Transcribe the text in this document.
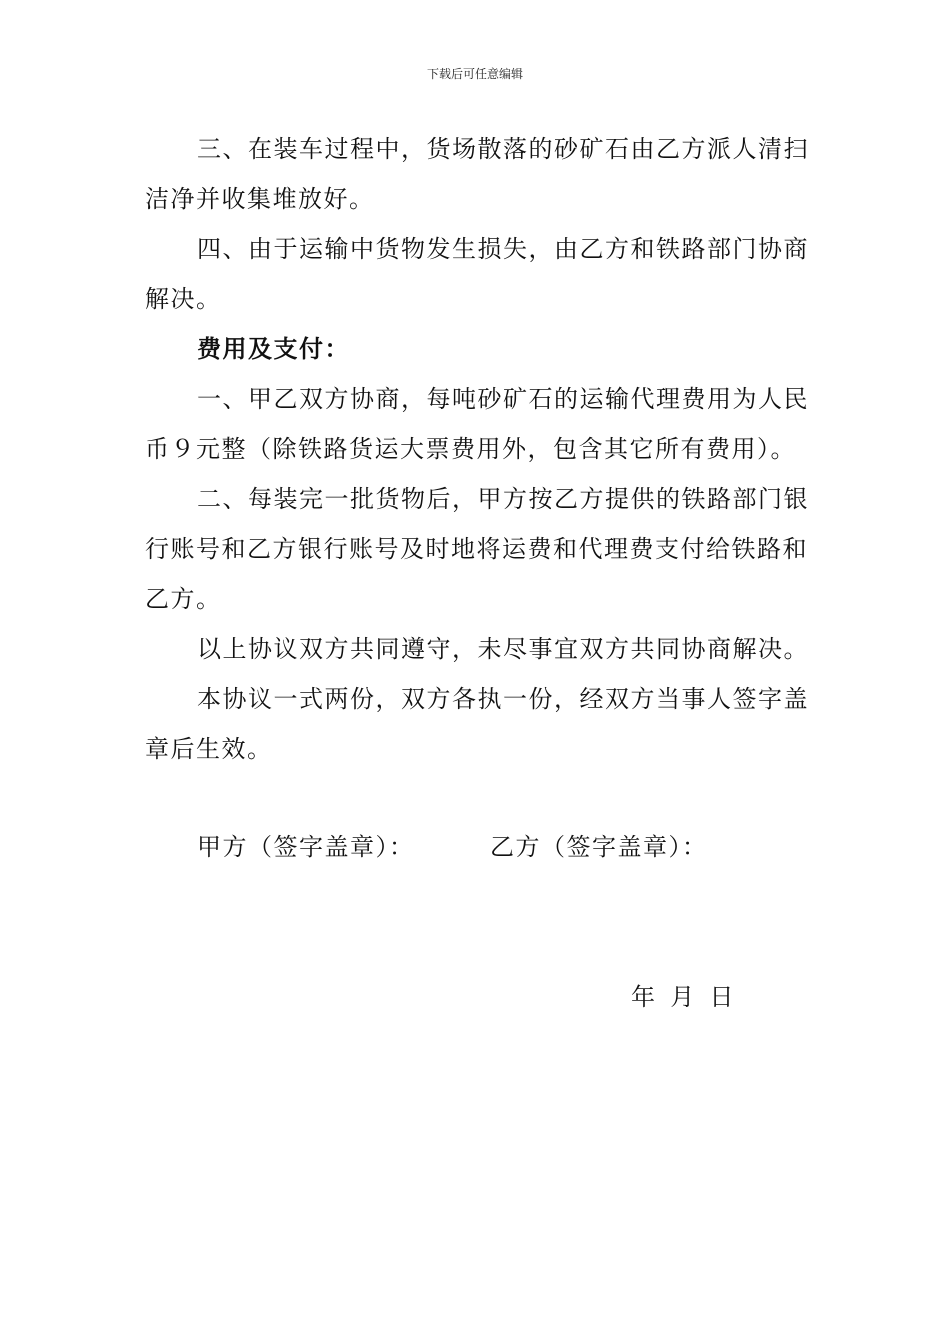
下载后可任意编辑

三、在装车过程中，货场散落的砂矿石由乙方派人清扫洁净并收集堆放好。

四、由于运输中货物发生损失，由乙方和铁路部门协商解决。

费用及支付：

一、甲乙双方协商，每吨砂矿石的运输代理费用为人民币９元整（除铁路货运大票费用外，包含其它所有费用）。

二、每装完一批货物后，甲方按乙方提供的铁路部门银行账号和乙方银行账号及时地将运费和代理费支付给铁路和乙方。

以上协议双方共同遵守，未尽事宜双方共同协商解决。

本协议一式两份，双方各执一份，经双方当事人签字盖章后生效。

甲方（签字盖章）：	乙方（签字盖章）：
年  月  日
